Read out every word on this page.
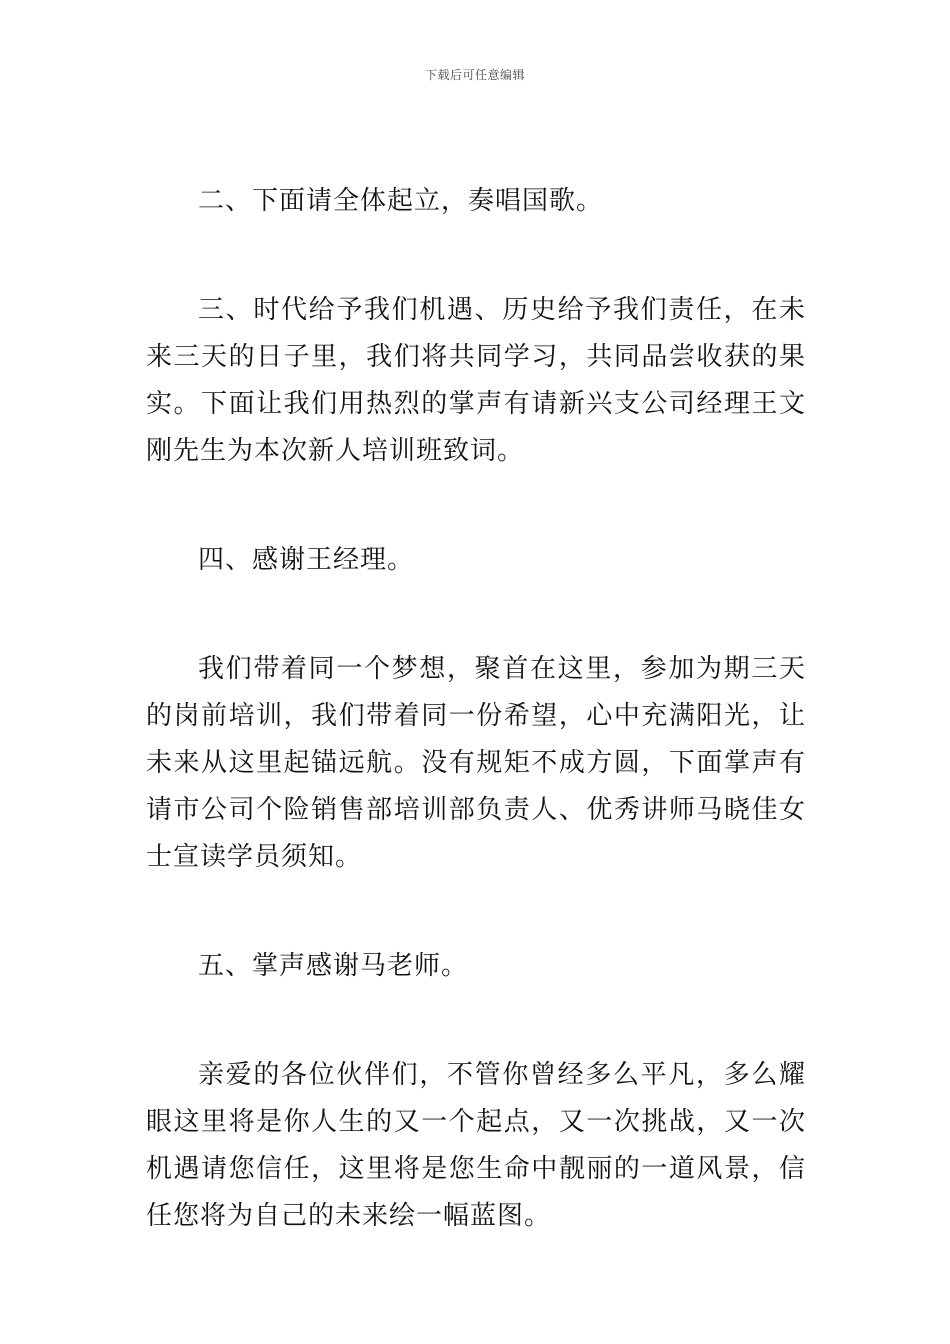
下载后可任意编辑

二、下面请全体起立，奏唱国歌。

三、时代给予我们机遇、历史给予我们责任，在未来三天的日子里，我们将共同学习，共同品尝收获的果实。下面让我们用热烈的掌声有请新兴支公司经理王文刚先生为本次新人培训班致词。

四、感谢王经理。

我们带着同一个梦想，聚首在这里，参加为期三天的岗前培训，我们带着同一份希望，心中充满阳光，让未来从这里起锚远航。没有规矩不成方圆，下面掌声有请市公司个险销售部培训部负责人、优秀讲师马晓佳女士宣读学员须知。

五、掌声感谢马老师。

亲爱的各位伙伴们，不管你曾经多么平凡，多么耀眼这里将是你人生的又一个起点，又一次挑战，又一次机遇请您信任，这里将是您生命中靓丽的一道风景，信任您将为自己的未来绘一幅蓝图。
